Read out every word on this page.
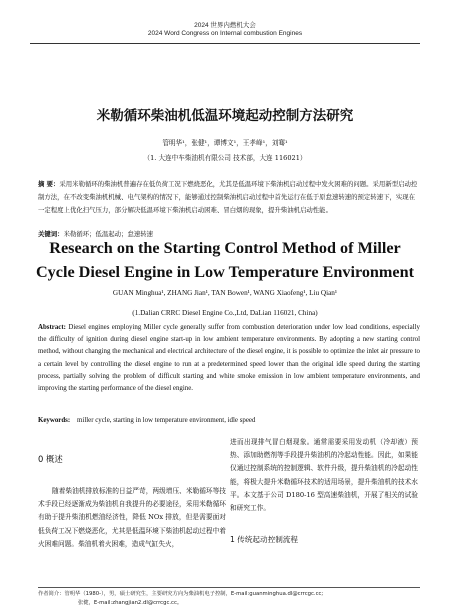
2024 世界内燃机大会
2024 Word Congress on Internal combustion Engines
米勒循环柴油机低温环境起动控制方法研究
管明华¹，张健¹，谭博文¹，王孝峰¹，刘骞¹
（1. 大连中车柴油机有限公司 技术部，大连 116021）
摘 要：采用米勒循环的柴油机普遍存在低负荷工况下燃烧恶化，尤其是低温环境下柴油机启动过程中发火困难的问题。采用新型启动控制方法，在不改变柴油机机械、电气架构的情况下，能够通过控制柴油机启动过程中首先运行在低于原怠速转速的预定转速下，实现在一定程度上优化扫气压力，部分解决低温环境下柴油机启动困难、冒白烟的现象，提升柴油机启动性能。
关键词：米勒循环；低温起动；怠速转速
Research on the Starting Control Method of Miller
Cycle Diesel Engine in Low Temperature Environment
GUAN Minghua¹, ZHANG Jian¹, TAN Bowen¹, WANG Xiaofeng¹, Liu Qian¹
(1.Dalian CRRC Diesel Engine Co.,Ltd, DaLian 116021, China)
Abstract: Diesel engines employing Miller cycle generally suffer from combustion deterioration under low load conditions, especially the difficulty of ignition during diesel engine start-up in low ambient temperature environments. By adopting a new starting control method, without changing the mechanical and electrical architecture of the diesel engine, it is possible to optimize the inlet air pressure to a certain level by controlling the diesel engine to run at a predetermined speed lower than the original idle speed during the starting process, partially solving the problem of difficult starting and white smoke emission in low ambient temperature environments, and improving the starting performance of the diesel engine.
Keywords: miller cycle, starting in low temperature environment, idle speed
0 概述
随着柴油机排放标准的日益严苛，两级增压、米勒循环等技术手段已经逐渐成为柴油机自我提升的必要途径，采用米勒循环有助于提升柴油机燃油经济性，降低 NOx 排放，但是需要面对低负荷工况下燃烧恶化，尤其是低温环境下柴油机起动过程中着火困难问题。柴油机着火困难，造成气缸失火，
进而出现排气冒白烟现象。通常需要采用发动机（冷却液）预热、添加助燃剂等手段提升柴油机的冷起动性能。因此，如果能仅通过控制系统的控制逻辑、软件升级，提升柴油机的冷起动性能，将极大提升米勒循环技术的适用场景，提升柴油机的技术水平。本文基于公司 D180-16 型高速柴油机，开展了相关的试验和研究工作。
1 传统起动控制流程
作者简介：管明华（1980-），男，硕士研究生，主要研究方向为柴油机电子控制，E-mail:guanminghua.dl@crrcgc.cc;
张健，E-mail:zhangjian2.dl@crrcgc.cc。
